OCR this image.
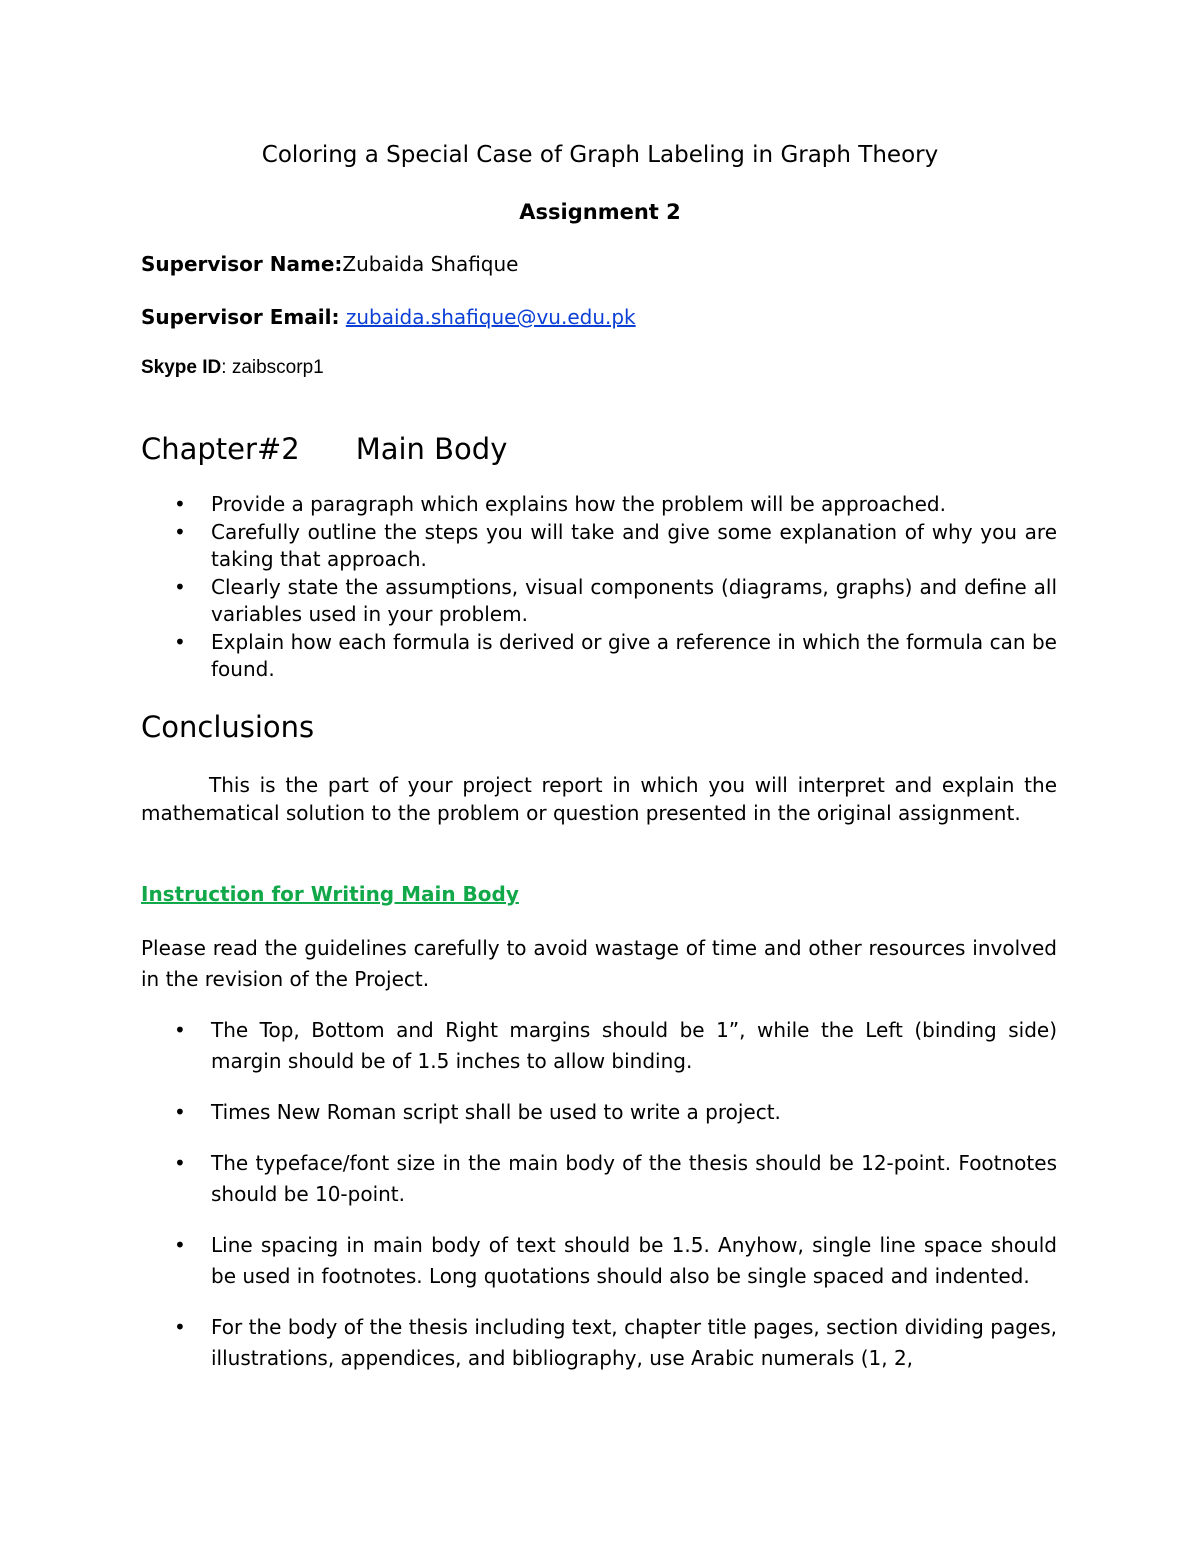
Coloring a Special Case of Graph Labeling in Graph Theory

Assignment 2

Supervisor Name:Zubaida Shafique

Supervisor Email: zubaida.shafique@vu.edu.pk

Skype ID: zaibscorp1

Chapter#2 Main Body

• Provide a paragraph which explains how the problem will be approached.
• Carefully outline the steps you will take and give some explanation of why you are taking that approach.
• Clearly state the assumptions, visual components (diagrams, graphs) and define all variables used in your problem.
• Explain how each formula is derived or give a reference in which the formula can be found.

Conclusions

This is the part of your project report in which you will interpret and explain the mathematical solution to the problem or question presented in the original assignment.

Instruction for Writing Main Body

Please read the guidelines carefully to avoid wastage of time and other resources involved in the revision of the Project.

• The Top, Bottom and Right margins should be 1”, while the Left (binding side) margin should be of 1.5 inches to allow binding.

• Times New Roman script shall be used to write a project.

• The typeface/font size in the main body of the thesis should be 12-point. Footnotes should be 10-point.

• Line spacing in main body of text should be 1.5. Anyhow, single line space should be used in footnotes. Long quotations should also be single spaced and indented.

• For the body of the thesis including text, chapter title pages, section dividing pages, illustrations, appendices, and bibliography, use Arabic numerals (1, 2,
